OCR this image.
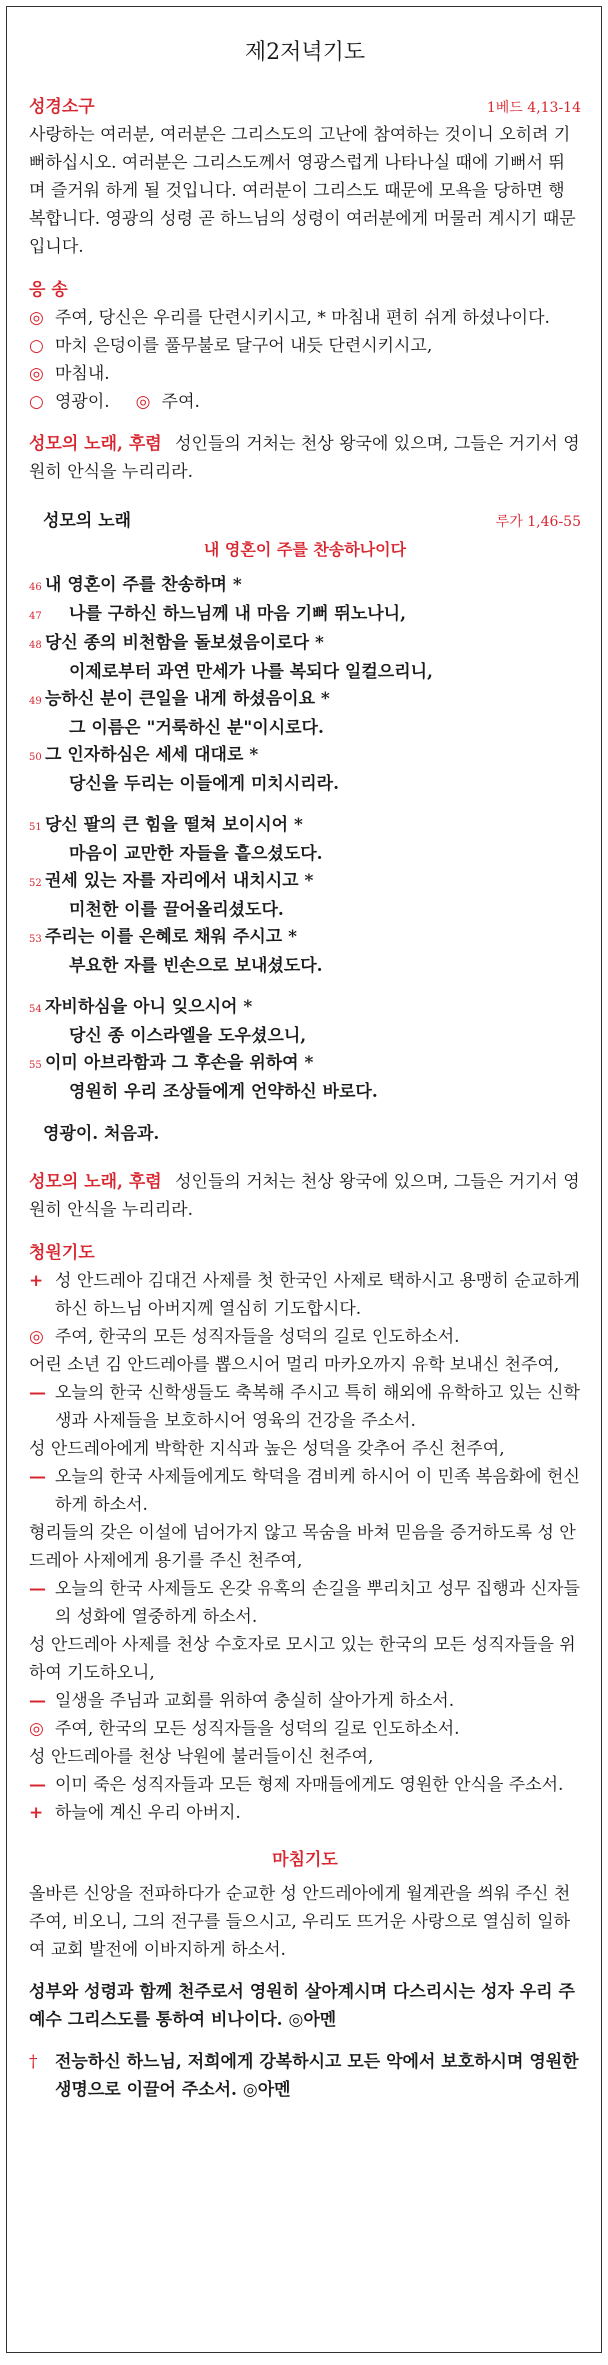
제2저녁기도
성경소구	1베드 4,13-14

사랑하는 여러분, 여러분은 그리스도의 고난에 참여하는 것이니 오히려 기뻐하십시오. 여러분은 그리스도께서 영광스럽게 나타나실 때에 기뻐서 뛰며 즐거워 하게 될 것입니다. 여러분이 그리스도 때문에 모욕을 당하면 행복합니다. 영광의 성령 곧 하느님의 성령이 여러분에게 머물러 계시기 때문입니다.

응 송
◎ 주여, 당신은 우리를 단련시키시고, * 마침내 편히 쉬게 하셨나이다.
○ 마치 은덩이를 풀무불로 달구어 내듯 단련시키시고,
◎ 마침내.
○ 영광이. ◎ 주여.

성모의 노래, 후렴 성인들의 거처는 천상 왕국에 있으며, 그들은 거기서 영원히 안식을 누리리라.

성모의 노래	루가 1,46-55
내 영혼이 주를 찬송하나이다
46 내 영혼이 주를 찬송하며 *
47	나를 구하신 하느님께 내 마음 기뻐 뛰노나니,
48 당신 종의 비천함을 돌보셨음이로다 *
이제로부터 과연 만세가 나를 복되다 일컬으리니,
49 능하신 분이 큰일을 내게 하셨음이요 *
그 이름은 "거룩하신 분"이시로다.
50 그 인자하심은 세세 대대로 *
당신을 두리는 이들에게 미치시리라.
51 당신 팔의 큰 힘을 떨쳐 보이시어 *
마음이 교만한 자들을 흩으셨도다.
52 권세 있는 자를 자리에서 내치시고 *
미천한 이를 끌어올리셨도다.
53 주리는 이를 은혜로 채워 주시고 *
부요한 자를 빈손으로 보내셨도다.
54 자비하심을 아니 잊으시어 *
당신 종 이스라엘을 도우셨으니,
55 이미 아브라함과 그 후손을 위하여 *
영원히 우리 조상들에게 언약하신 바로다.
영광이. 처음과.

성모의 노래, 후렴 성인들의 거처는 천상 왕국에 있으며, 그들은 거기서 영원히 안식을 누리리라.

청원기도
+ 성 안드레아 김대건 사제를 첫 한국인 사제로 택하시고 용맹히 순교하게 하신 하느님 아버지께 열심히 기도합시다.
◎ 주여, 한국의 모든 성직자들을 성덕의 길로 인도하소서.
어린 소년 김 안드레아를 뽑으시어 멀리 마카오까지 유학 보내신 천주여,
— 오늘의 한국 신학생들도 축복해 주시고 특히 해외에 유학하고 있는 신학생과 사제들을 보호하시어 영육의 건강을 주소서.
성 안드레아에게 박학한 지식과 높은 성덕을 갖추어 주신 천주여,
— 오늘의 한국 사제들에게도 학덕을 겸비케 하시어 이 민족 복음화에 헌신하게 하소서.
형리들의 갖은 이설에 넘어가지 않고 목숨을 바쳐 믿음을 증거하도록 성 안드레아 사제에게 용기를 주신 천주여,
— 오늘의 한국 사제들도 온갖 유혹의 손길을 뿌리치고 성무 집행과 신자들의 성화에 열중하게 하소서.
성 안드레아 사제를 천상 수호자로 모시고 있는 한국의 모든 성직자들을 위하여 기도하오니,
— 일생을 주님과 교회를 위하여 충실히 살아가게 하소서.
◎ 주여, 한국의 모든 성직자들을 성덕의 길로 인도하소서.
성 안드레아를 천상 낙원에 불러들이신 천주여,
— 이미 죽은 성직자들과 모든 형제 자매들에게도 영원한 안식을 주소서.
+ 하늘에 계신 우리 아버지.
마침기도

올바른 신앙을 전파하다가 순교한 성 안드레아에게 월계관을 씌워 주신 천주여, 비오니, 그의 전구를 들으시고, 우리도 뜨거운 사랑으로 열심히 일하여 교회 발전에 이바지하게 하소서.

성부와 성령과 함께 천주로서 영원히 살아계시며 다스리시는 성자 우리 주 예수 그리스도를 통하여 비나이다. ◎아멘

†	전능하신 하느님, 저희에게 강복하시고 모든 악에서 보호하시며 영원한 생명으로 이끌어 주소서. ◎아멘
